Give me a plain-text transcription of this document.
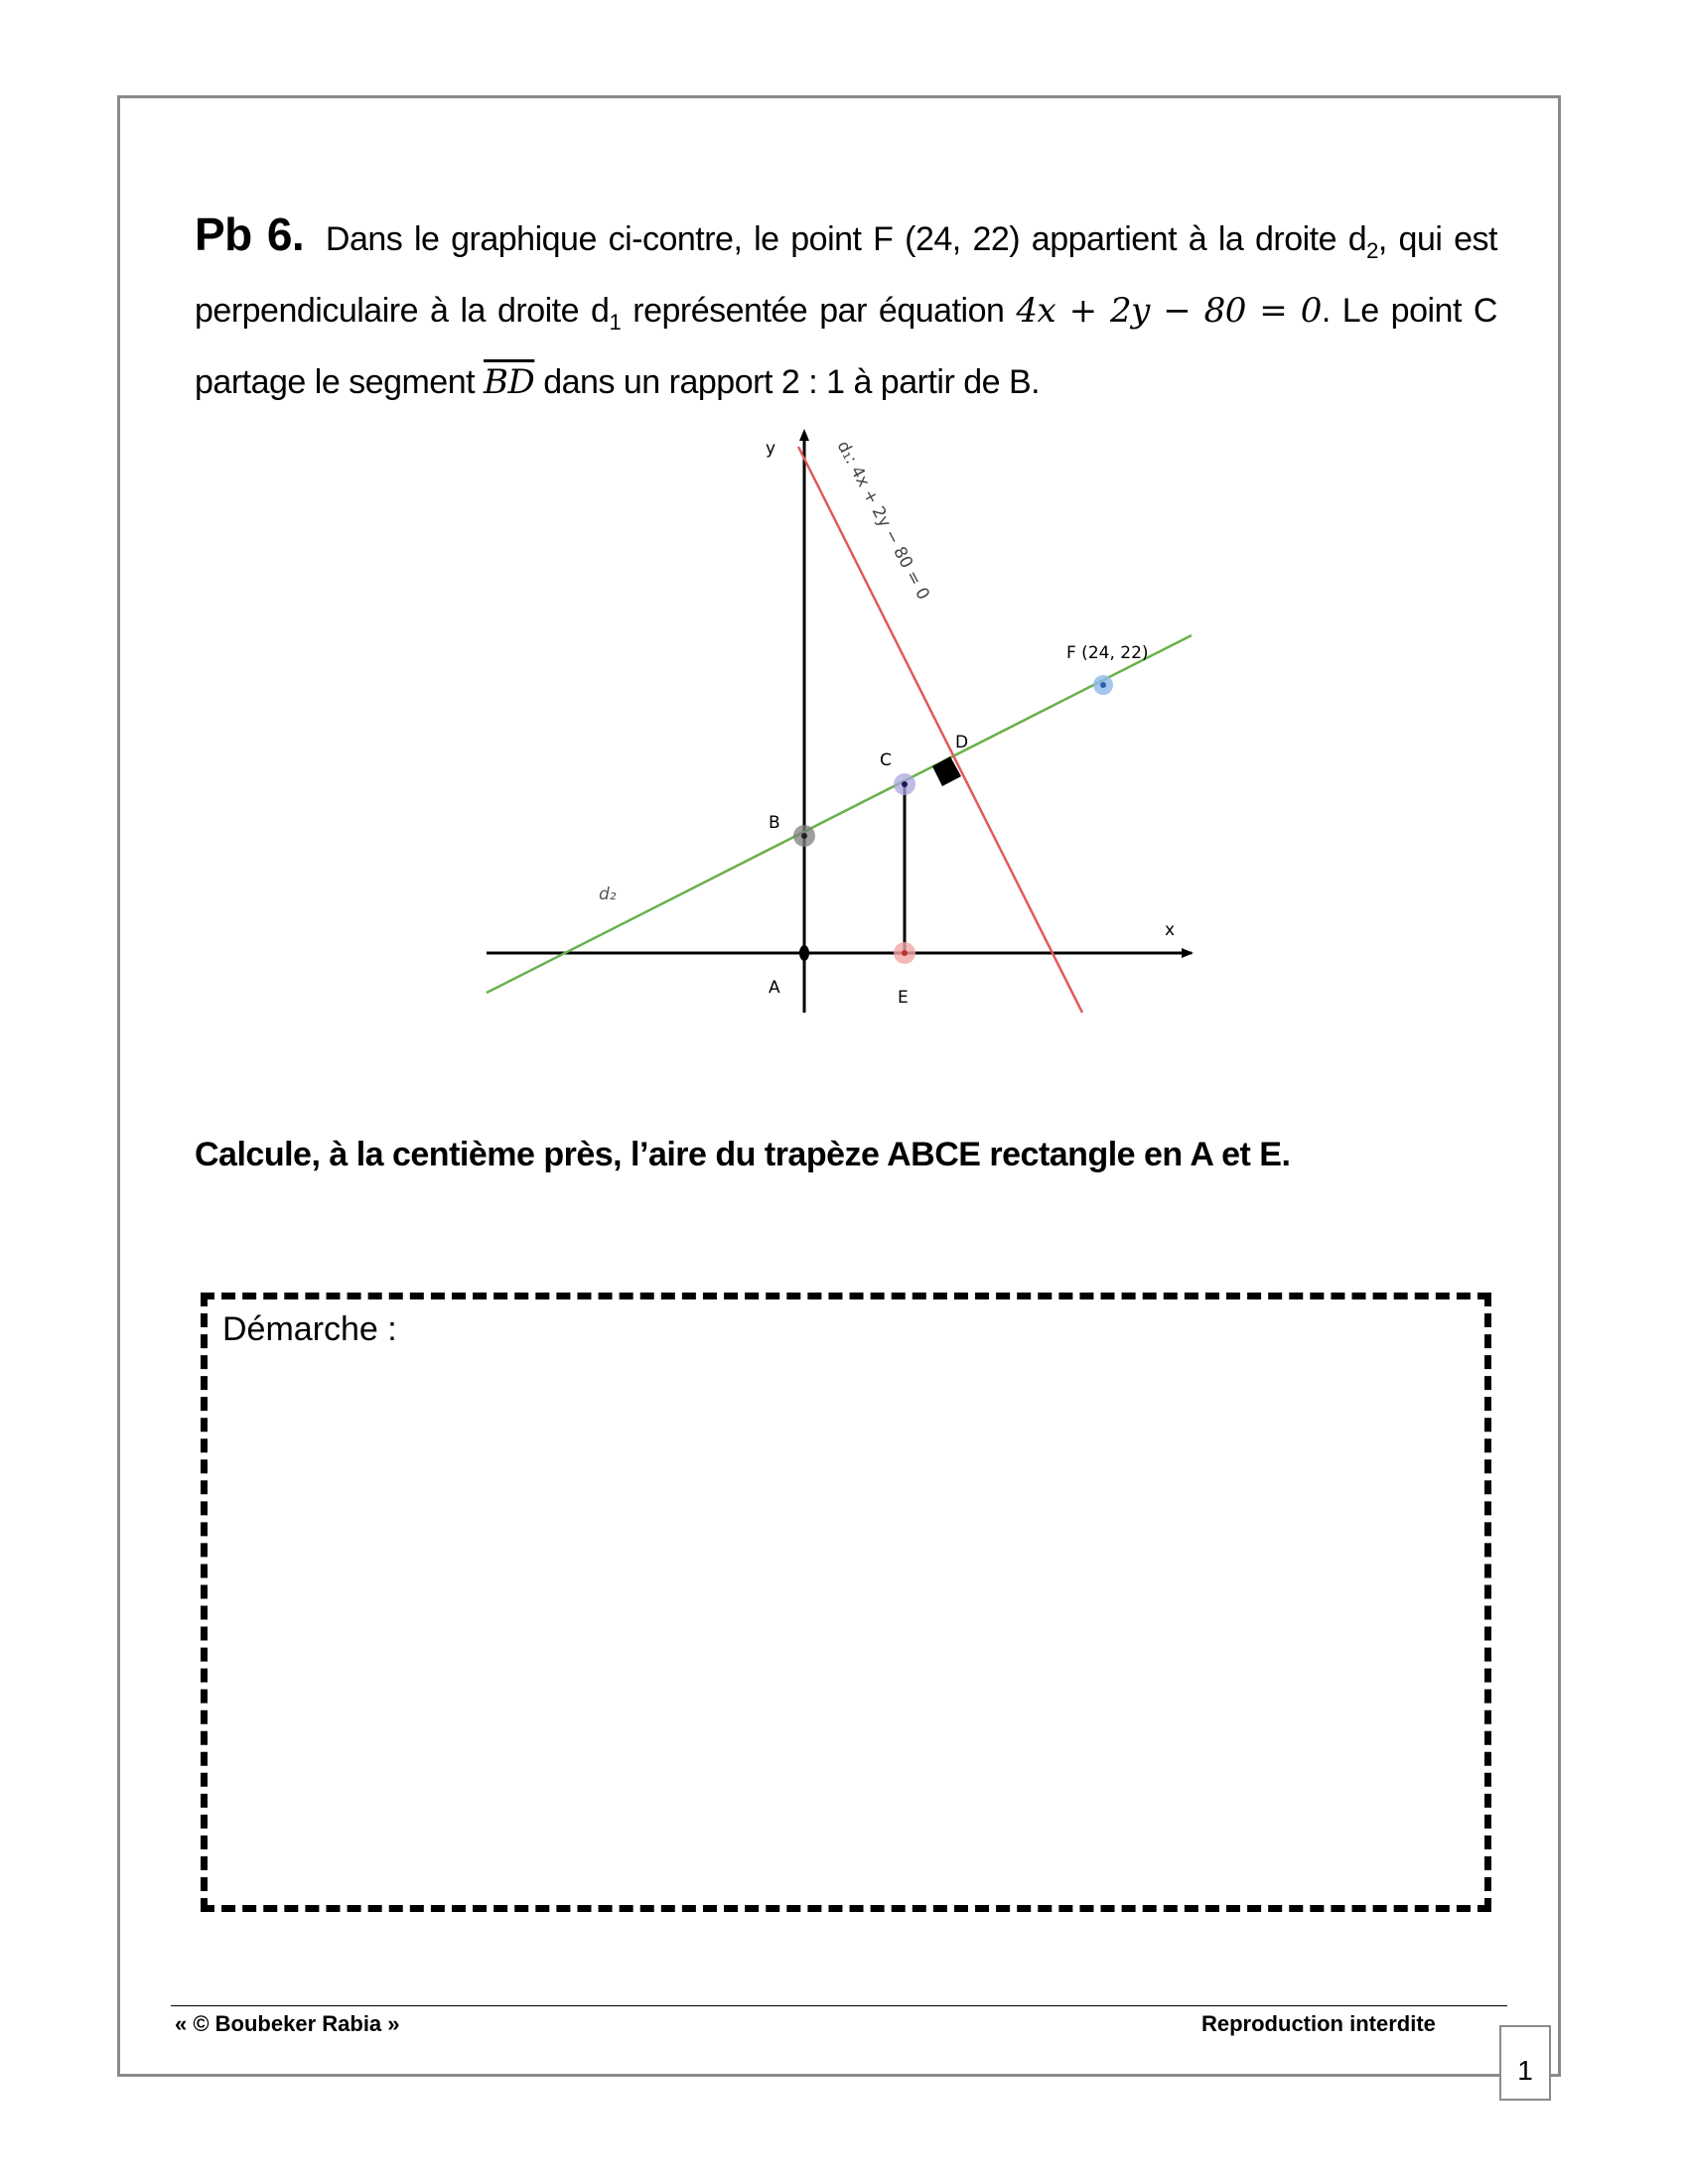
Pb 6. Dans le graphique ci-contre, le point F (24, 22) appartient à la droite $d_2$, qui est perpendiculaire à la droite $d_1$ représentée par équation 4x + 2y − 80 = 0. Le point C partage le segment $\overline{BD}$ dans un rapport 2 : 1 à partir de B.
y
x
d₂
d₁: 4x + 2y − 80 = 0
F (24, 22)
D
C
B
A	E
Calcule, à la centième près, l’aire du trapèze ABCE rectangle en A et E.
Démarche :
« © Boubeker Rabia »	Reproduction interdite
1
